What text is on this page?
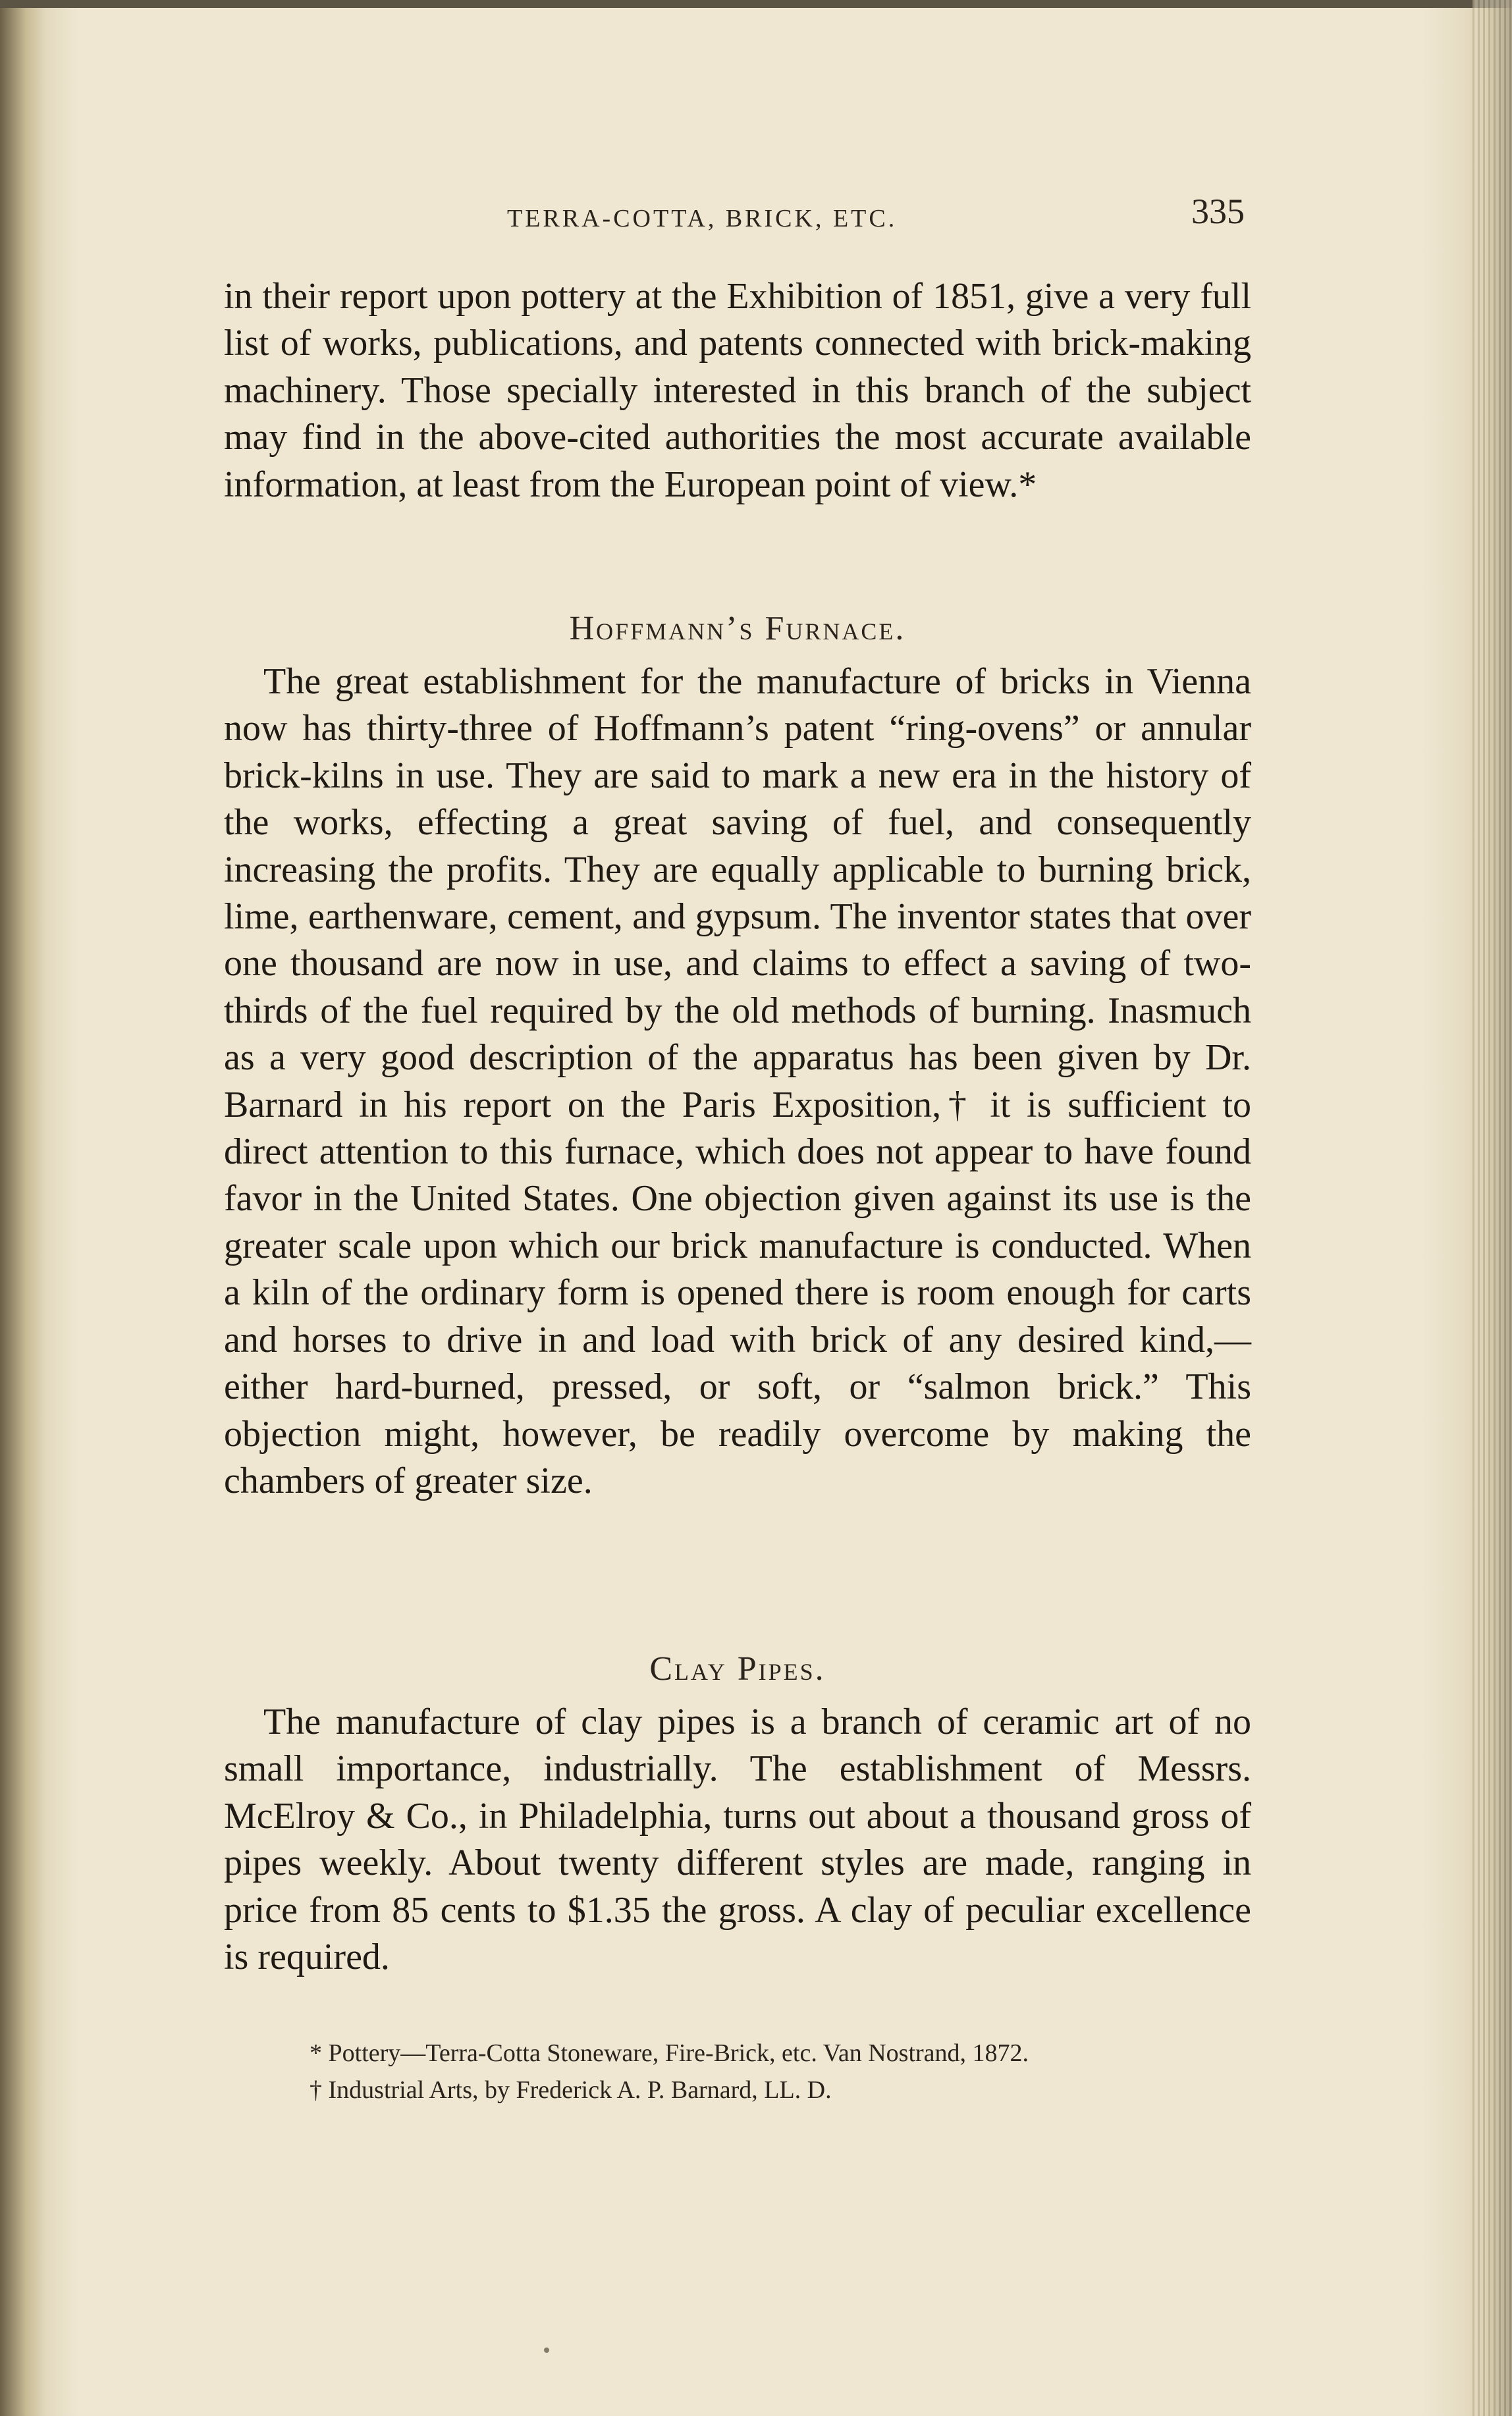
TERRA-COTTA, BRICK, ETC.	335

in their report upon pottery at the Exhibition of 1851, give a very full list of works, publications, and patents connected with brick-making machinery. Those specially interested in this branch of the subject may find in the above-cited authorities the most accurate available information, at least from the European point of view.*

Hoffmann’s Furnace.

The great establishment for the manufacture of bricks in Vienna now has thirty-three of Hoffmann’s patent “ring-ovens” or annular brick-kilns in use. They are said to mark a new era in the history of the works, effecting a great saving of fuel, and consequently increasing the profits. They are equally applicable to burning brick, lime, earthenware, cement, and gypsum. The inventor states that over one thousand are now in use, and claims to effect a saving of two-thirds of the fuel required by the old methods of burning. Inasmuch as a very good description of the apparatus has been given by Dr. Barnard in his report on the Paris Exposition,† it is sufficient to direct attention to this furnace, which does not appear to have found favor in the United States. One objection given against its use is the greater scale upon which our brick manufacture is conducted. When a kiln of the ordinary form is opened there is room enough for carts and horses to drive in and load with brick of any desired kind,—either hard-burned, pressed, or soft, or “salmon brick.” This objection might, however, be readily overcome by making the chambers of greater size.

Clay Pipes.

The manufacture of clay pipes is a branch of ceramic art of no small importance, industrially. The establishment of Messrs. McElroy & Co., in Philadelphia, turns out about a thousand gross of pipes weekly. About twenty different styles are made, ranging in price from 85 cents to $1.35 the gross. A clay of peculiar excellence is required.

* Pottery—Terra-Cotta Stoneware, Fire-Brick, etc. Van Nostrand, 1872.
† Industrial Arts, by Frederick A. P. Barnard, LL. D.
